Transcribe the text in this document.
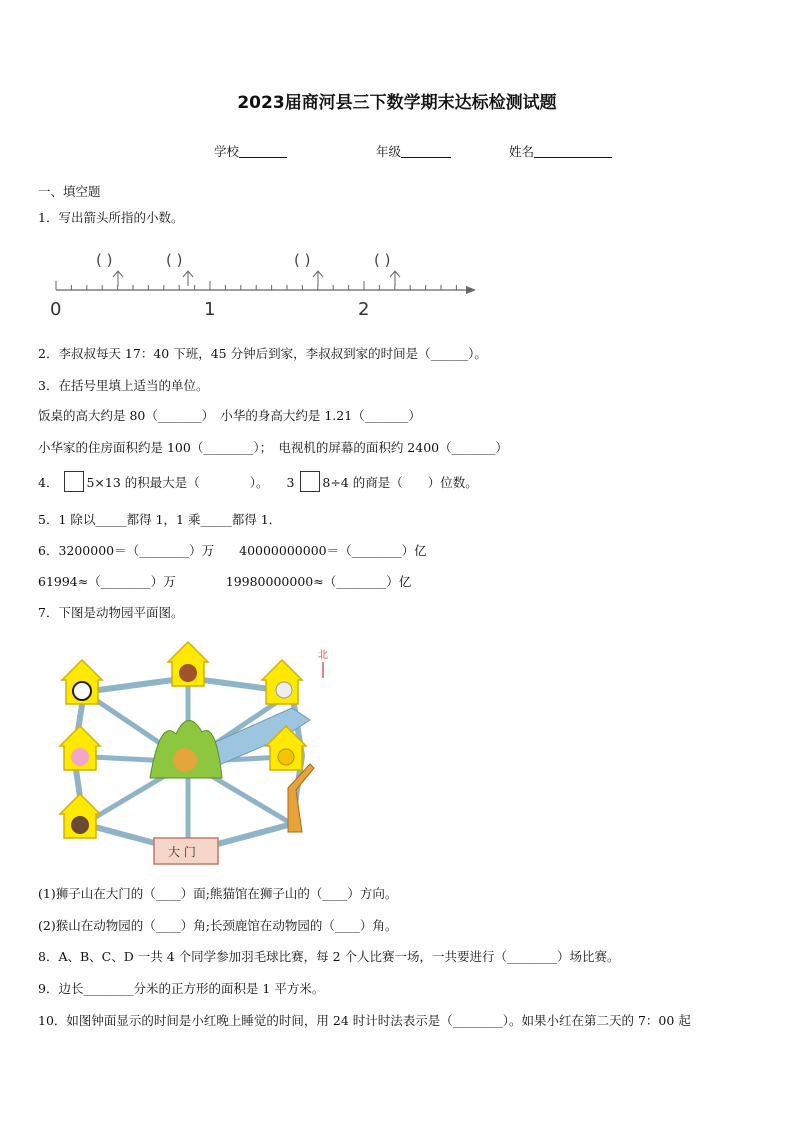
2023届商河县三下数学期末达标检测试题
学校	年级	姓名
一、填空题
1．写出箭头所指的小数。
( )	( )	( )	( )
0	1	2
2．李叔叔每天 17：40 下班，45 分钟后到家，李叔叔到家的时间是（______）。
3．在括号里填上适当的单位。
饭桌的高大约是 80（_______）　小华的身高大约是 1.21（_______）
小华家的住房面积约是 100（________）；　电视机的屏幕的面积约 2400（_______）
4． 5×13 的积最大是（　　　　）。 3 8÷4 的商是（　　）位数。
5．1 除以_____都得 1，1 乘_____都得 1．
6．3200000＝（________）万　　40000000000＝（________）亿
61994≈（________）万　　　　19980000000≈（________）亿
7．下图是动物园平面图。
大 门
北
(1)狮子山在大门的（____）面;熊猫馆在狮子山的（____）方向。
(2)猴山在动物园的（____）角;长颈鹿馆在动物园的（____）角。
8．A、B、C、D 一共 4 个同学参加羽毛球比赛，每 2 个人比赛一场，一共要进行（________）场比赛。
9．边长________分米的正方形的面积是 1 平方米。
10．如图钟面显示的时间是小红晚上睡觉的时间，用 24 时计时法表示是（________）。如果小红在第二天的 7：00 起
